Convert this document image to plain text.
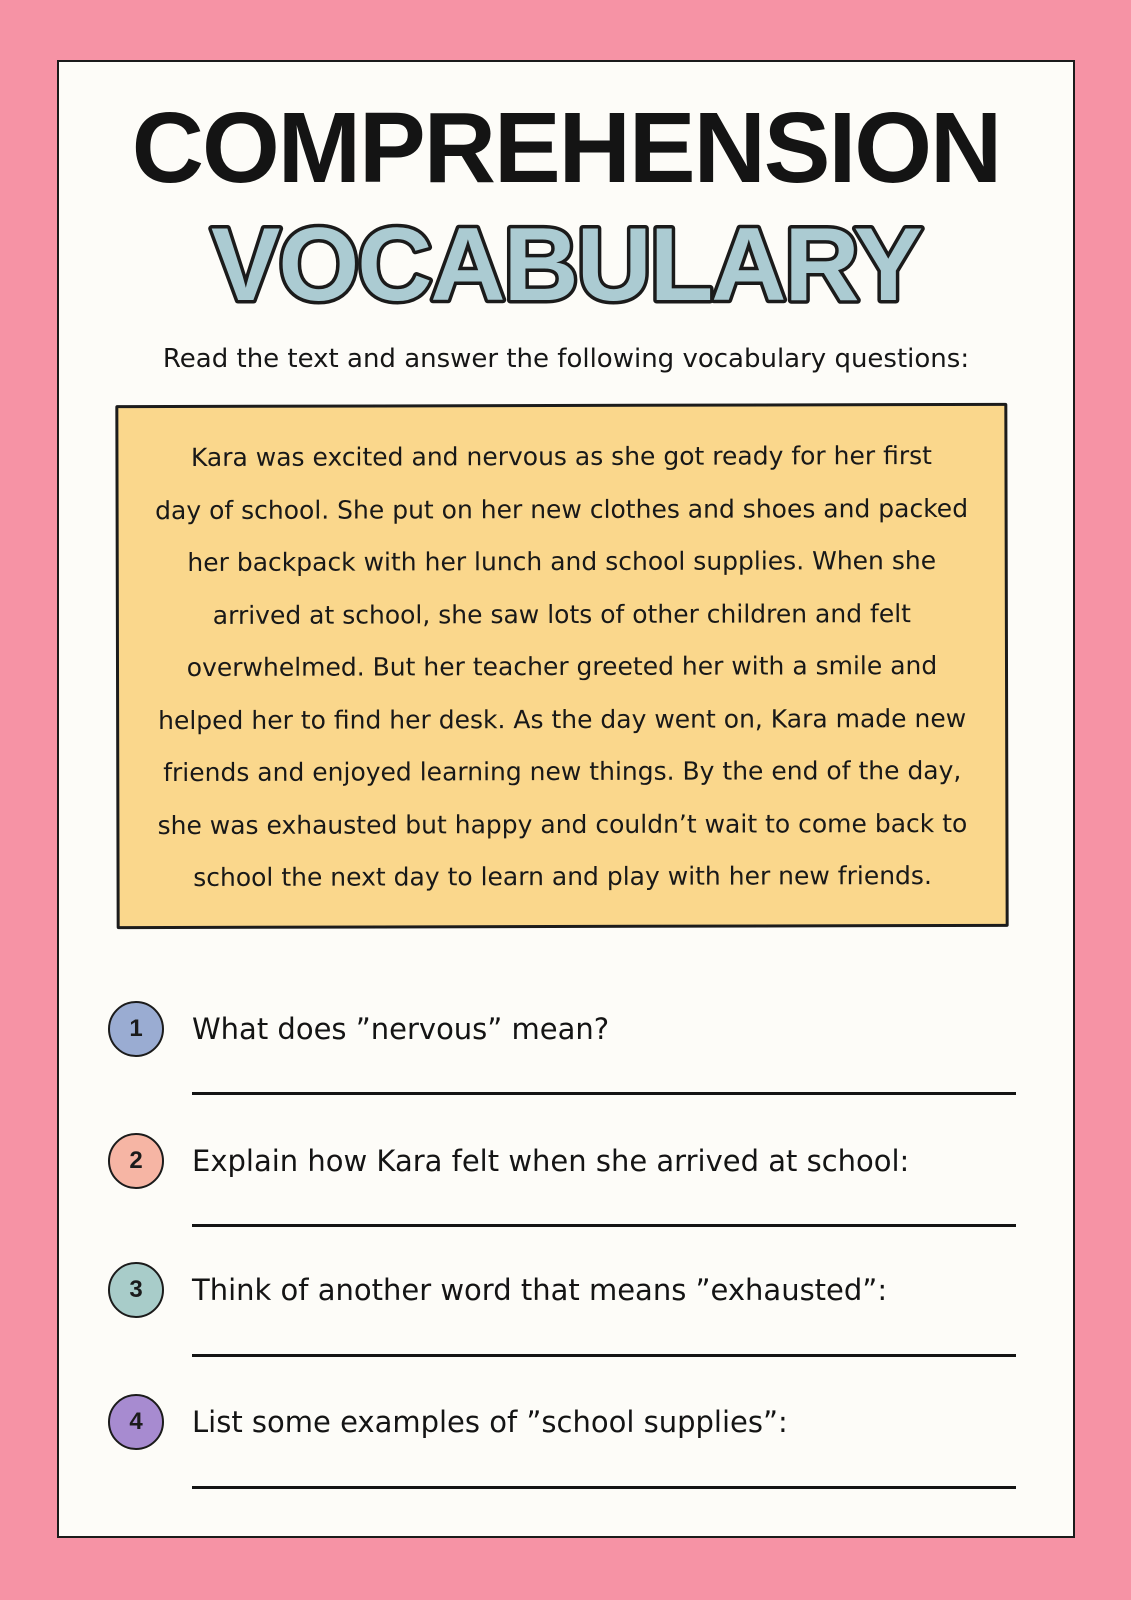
COMPREHENSION
VOCABULARY
Read the text and answer the following vocabulary questions:
Kara was excited and nervous as she got ready for her first
day of school. She put on her new clothes and shoes and packed
her backpack with her lunch and school supplies. When she
arrived at school, she saw lots of other children and felt
overwhelmed. But her teacher greeted her with a smile and
helped her to find her desk. As the day went on, Kara made new
friends and enjoyed learning new things. By the end of the day,
she was exhausted but happy and couldn’t wait to come back to
school the next day to learn and play with her new friends.
1	What does ”nervous” mean?
2	Explain how Kara felt when she arrived at school:
3	Think of another word that means ”exhausted”:
4	List some examples of ”school supplies”:
